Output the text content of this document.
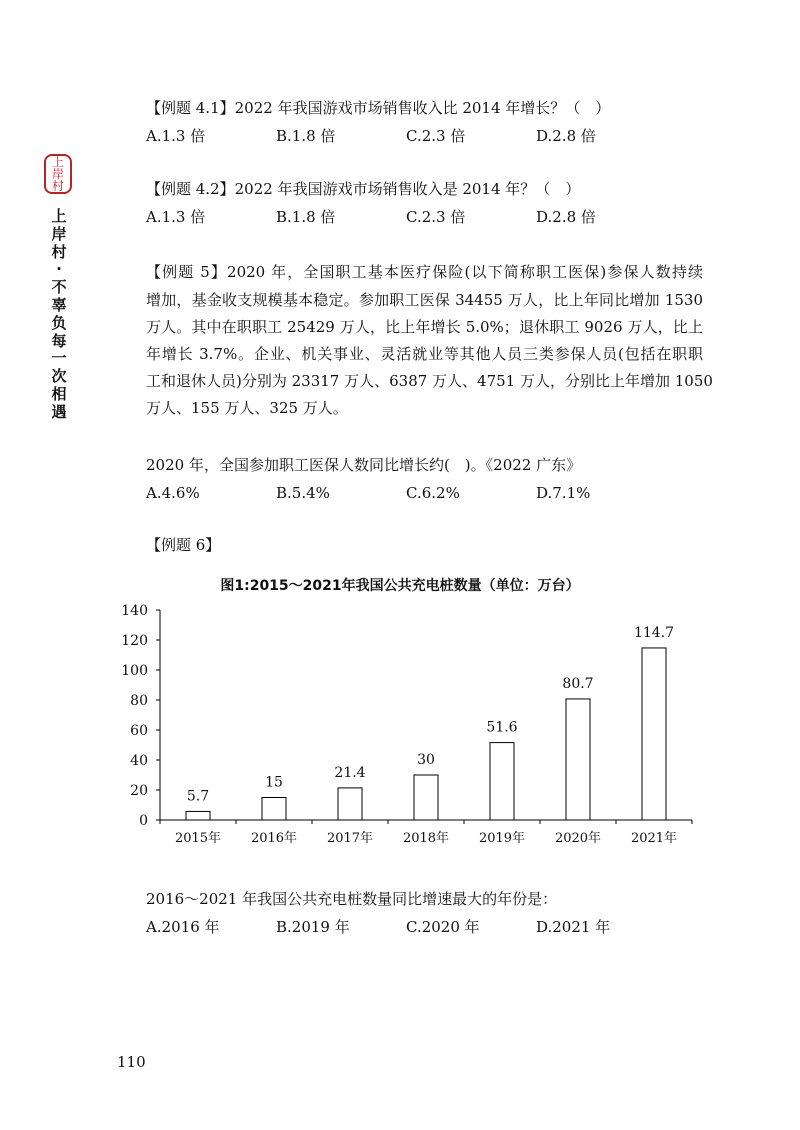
上
岸
村
上
岸
村
·
不
辜
负
每
一
次
相
遇
【例题 4.1】2022 年我国游戏市场销售收入比 2014 年增长？（　）
A.1.3 倍	B.1.8 倍	C.2.3 倍	D.2.8 倍
【例题 4.2】2022 年我国游戏市场销售收入是 2014 年？（　）
A.1.3 倍	B.1.8 倍	C.2.3 倍	D.2.8 倍
【例题 5】2020 年，全国职工基本医疗保险(以下简称职工医保)参保人数持续
增加，基金收支规模基本稳定。参加职工医保 34455 万人，比上年同比增加 1530
万人。其中在职职工 25429 万人，比上年增长 5.0%；退休职工 9026 万人，比上
年增长 3.7%。企业、机关事业、灵活就业等其他人员三类参保人员(包括在职职
工和退休人员)分别为 23317 万人、6387 万人、4751 万人，分别比上年增加 1050
万人、155 万人、325 万人。
2020 年，全国参加职工医保人数同比增长约(　)。《2022 广东》
A.4.6%	B.5.4%	C.6.2%	D.7.1%
【例题 6】
图1:2015～2021年我国公共充电桩数量（单位：万台）
0
20
40
60
80
100
120
140
2015年 2016年 2017年 2018年 2019年 2020年 2021年
5.7
15
21.4
30
51.6
80.7
114.7
2016～2021 年我国公共充电桩数量同比增速最大的年份是：
A.2016 年	B.2019 年	C.2020 年	D.2021 年
110
